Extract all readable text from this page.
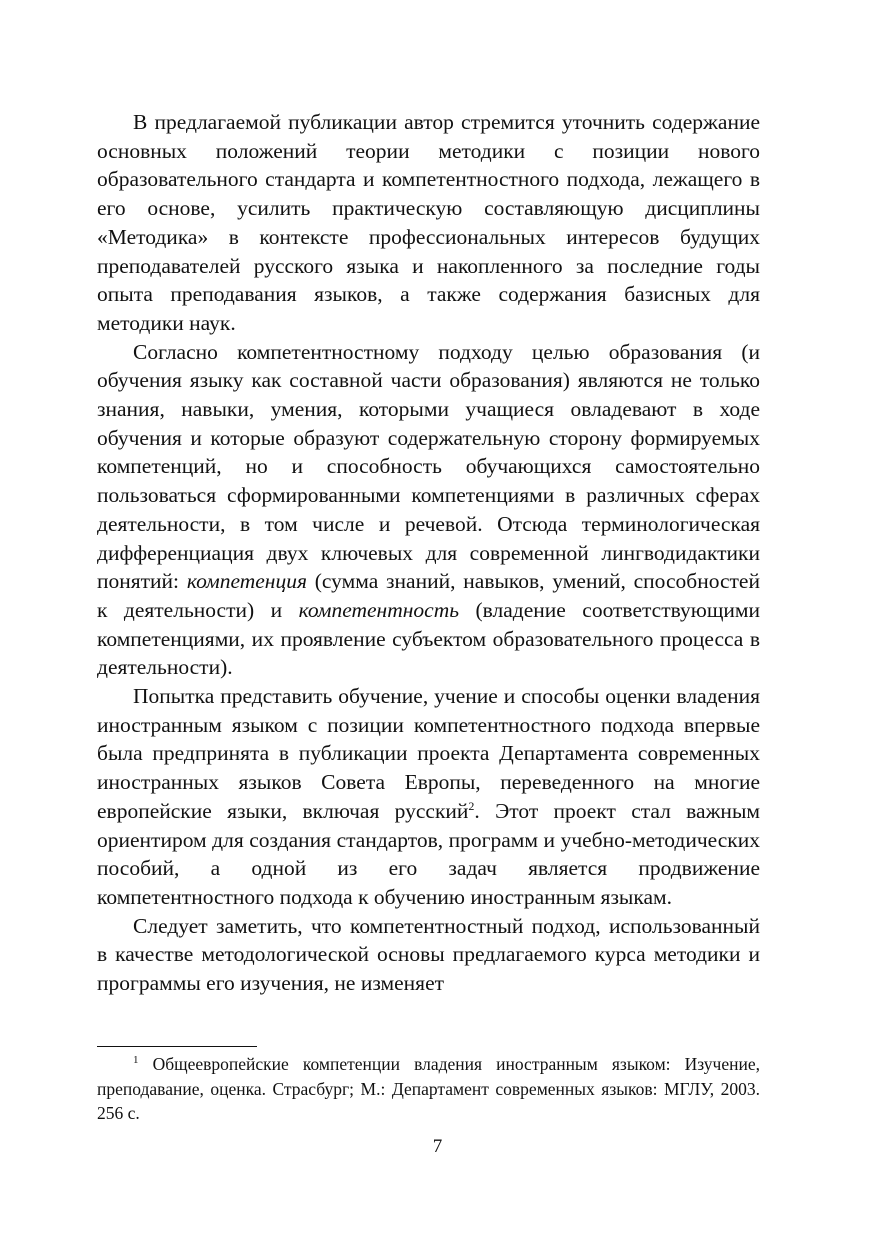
В предлагаемой публикации автор стремится уточнить содержание основных положений теории методики с позиции нового образовательного стандарта и компетентностного подхода, лежащего в его основе, усилить практическую составляющую дисциплины «Методика» в контексте профессиональных интересов будущих преподавателей русского языка и накопленного за последние годы опыта преподавания языков, а также содержания базисных для методики наук.

Согласно компетентностному подходу целью образования (и обучения языку как составной части образования) являются не только знания, навыки, умения, которыми учащиеся овладевают в ходе обучения и которые образуют содержательную сторону формируемых компетенций, но и способность обучающихся самостоятельно пользоваться сформированными компетенциями в различных сферах деятельности, в том числе и речевой. Отсюда терминологическая дифференциация двух ключевых для современной лингводидактики понятий: компетенция (сумма знаний, навыков, умений, способностей к деятельности) и компетентность (владение соответствующими компетенциями, их проявление субъектом образовательного процесса в деятельности).

Попытка представить обучение, учение и способы оценки владения иностранным языком с позиции компетентностного подхода впервые была предпринята в публикации проекта Департамента современных иностранных языков Совета Европы, переведенного на многие европейские языки, включая русский$^2$. Этот проект стал важным ориентиром для создания стандартов, программ и учебно-методических пособий, а одной из его задач является продвижение компетентностного подхода к обучению иностранным языкам.

Следует заметить, что компетентностный подход, использованный в качестве методологической основы предлагаемого курса методики и программы его изучения, не изменяет

$^1$ Общеевропейские компетенции владения иностранным языком: Изучение, преподавание, оценка. Страсбург; М.: Департамент современных языков: МГЛУ, 2003. 256 с.

7
